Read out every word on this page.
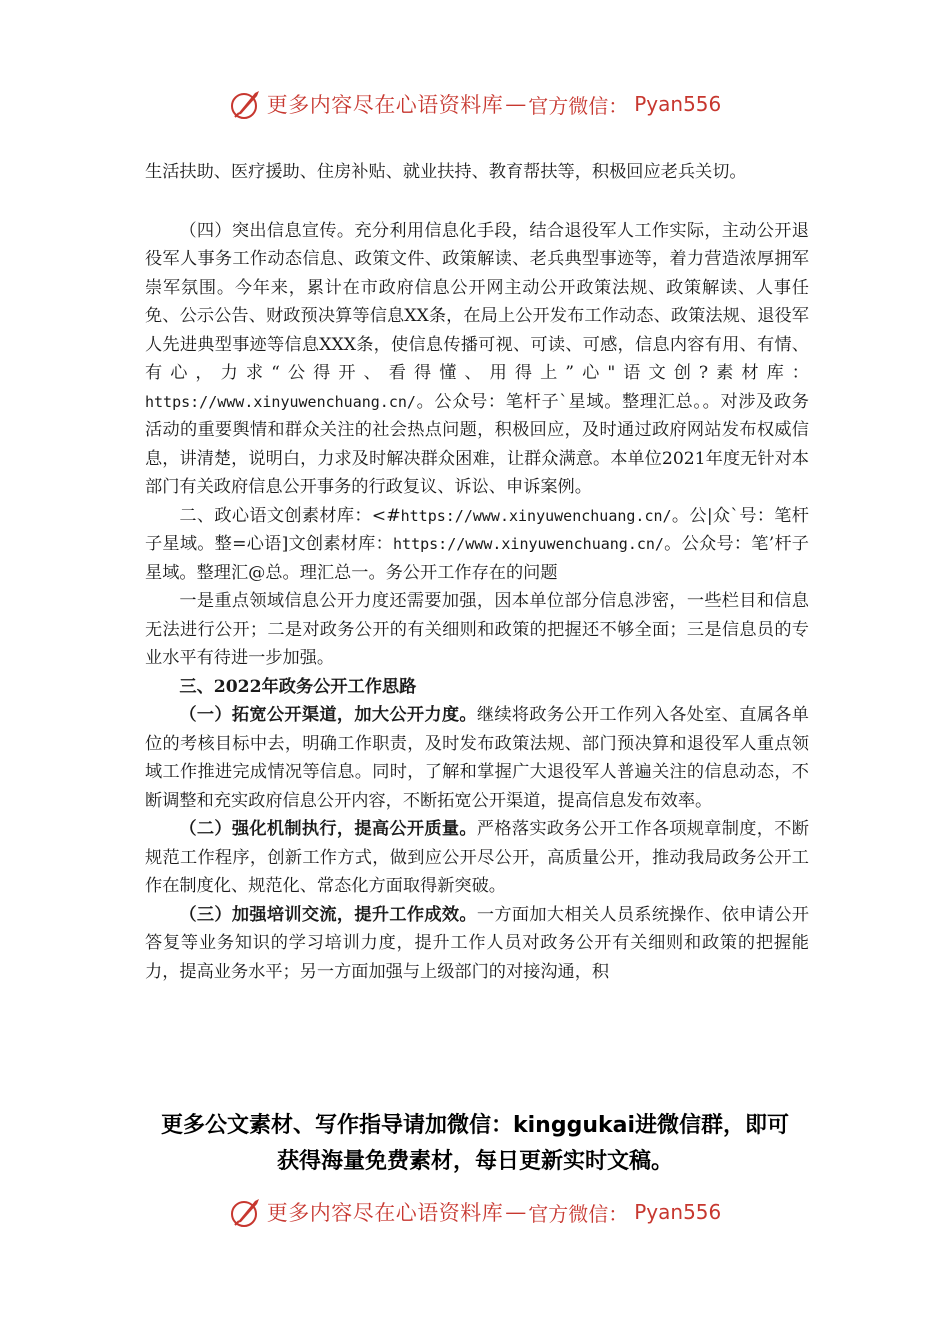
更多内容尽在心语资料库 — 官方微信： Pyan556

生活扶助、医疗援助、住房补贴、就业扶持、教育帮扶等，积极回应老兵关切。

（四）突出信息宣传。充分利用信息化手段，结合退役军人工作实际，主动公开退役军人事务工作动态信息、政策文件、政策解读、老兵典型事迹等，着力营造浓厚拥军崇军氛围。今年来，累计在市政府信息公开网主动公开政策法规、政策解读、人事任免、公示公告、财政预决算等信息XX条，在局上公开发布工作动态、政策法规、退役军人先进典型事迹等信息XXX条，使信息传播可视、可读、可感，信息内容有用、有情、有心，力求“公得开、看得懂、用得上”心"语文创?素材库：https://www.xinyuwenchuang.cn/。公众号：笔杆子`星域。整理汇总。。对涉及政务活动的重要舆情和群众关注的社会热点问题，积极回应，及时通过政府网站发布权威信息，讲清楚，说明白，力求及时解决群众困难，让群众满意。本单位2021年度无针对本部门有关政府信息公开事务的行政复议、诉讼、申诉案例。

二、政心语文创素材库：<#https://www.xinyuwenchuang.cn/。公|众`号：笔杆子星域。整=心语]文创素材库：https://www.xinyuwenchuang.cn/。公众号：笔’杆子星域。整理汇@总。理汇总一。务公开工作存在的问题

一是重点领域信息公开力度还需要加强，因本单位部分信息涉密，一些栏目和信息无法进行公开；二是对政务公开的有关细则和政策的把握还不够全面；三是信息员的专业水平有待进一步加强。

三、2022年政务公开工作思路

（一）拓宽公开渠道，加大公开力度。继续将政务公开工作列入各处室、直属各单位的考核目标中去，明确工作职责，及时发布政策法规、部门预决算和退役军人重点领域工作推进完成情况等信息。同时，了解和掌握广大退役军人普遍关注的信息动态，不断调整和充实政府信息公开内容，不断拓宽公开渠道，提高信息发布效率。

（二）强化机制执行，提高公开质量。严格落实政务公开工作各项规章制度，不断规范工作程序，创新工作方式，做到应公开尽公开，高质量公开，推动我局政务公开工作在制度化、规范化、常态化方面取得新突破。

（三）加强培训交流，提升工作成效。一方面加大相关人员系统操作、依申请公开答复等业务知识的学习培训力度，提升工作人员对政务公开有关细则和政策的把握能力，提高业务水平；另一方面加强与上级部门的对接沟通，积

更多公文素材、写作指导请加微信：kinggukai进微信群，即可
获得海量免费素材，每日更新实时文稿。
更多内容尽在心语资料库 — 官方微信： Pyan556
